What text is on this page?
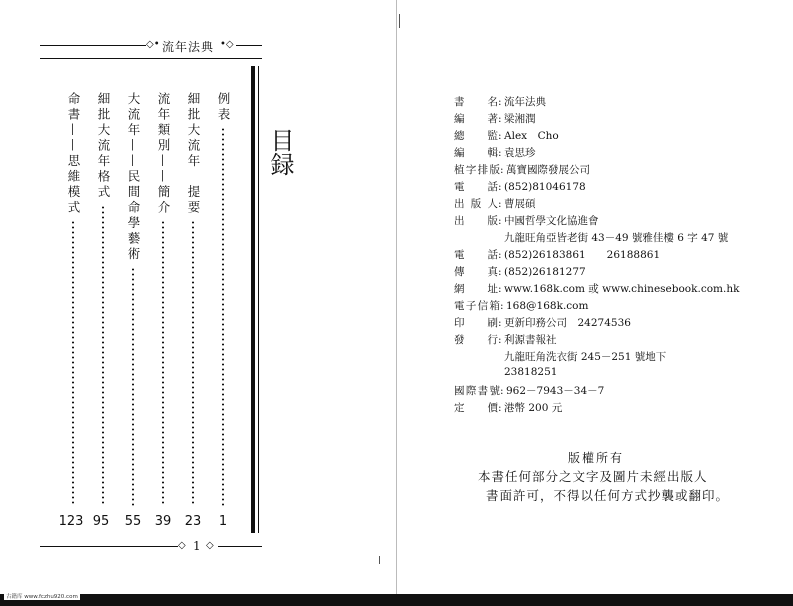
◇• 流年法典 •◇
目録
例表
細批大流年　提要
流年類別——簡介
大流年——民間命學藝術
細批大流年格式
命書——思維模式
1
23
39
55
95
123
◇ 1 ◇
書　名: 流年法典
編　著: 梁湘潤
總　監: Alex　Cho
編　輯: 袁思珍
植字排版: 萬寶國際發展公司
電　話: (852)81046178
出版人: 曹展碩
出　版: 中國哲學文化協進會
九龍旺角亞皆老街 43－49 號雅佳樓 6 字 47 號
電　話: (852)26183861　　26188861
傳　真: (852)26181277
網　址: www.168k.com 或 www.chinesebook.com.hk
電子信箱: 168@168k.com
印　刷: 更新印務公司　24274536
發　行: 利源書報社
九龍旺角洗衣街 245－251 號地下
23818251
國際書號: 962－7943－34－7
定　價: 港幣 200 元
版權所有
本書任何部分之文字及圖片未經出版人
書面許可，不得以任何方式抄襲或翻印。
古籍库 www.fczhu920.com
